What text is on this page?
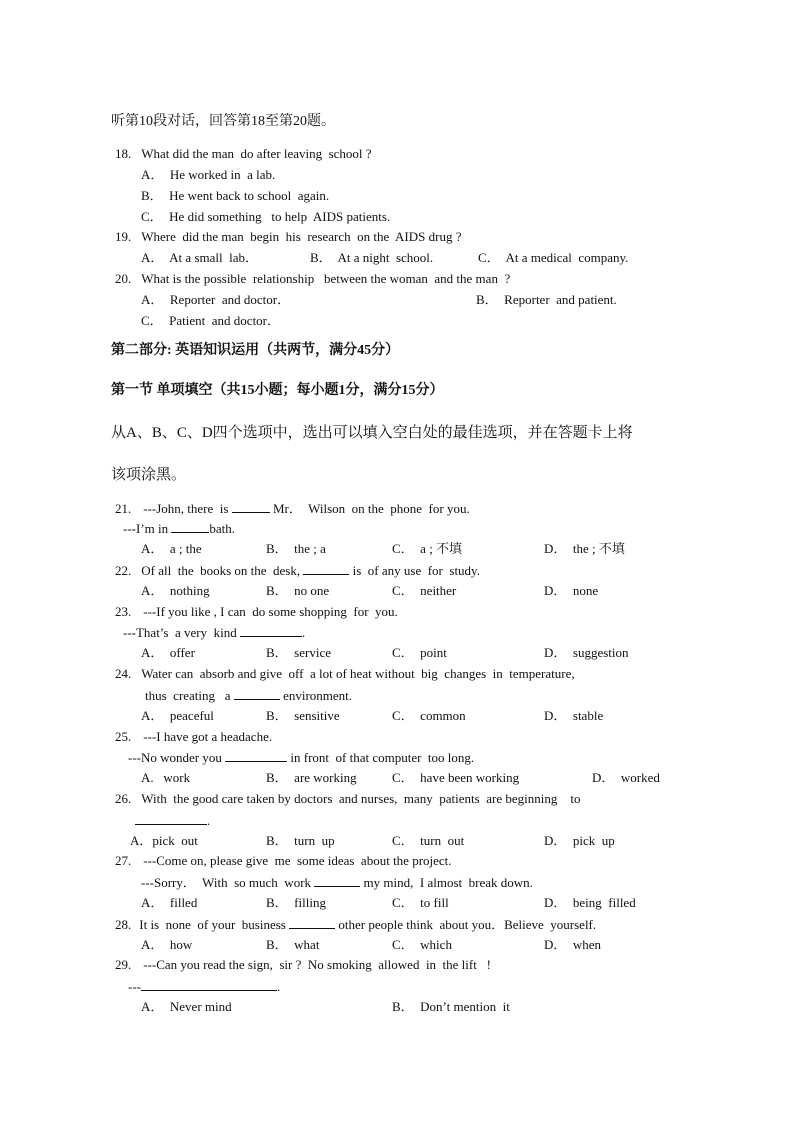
听第10段对话，回答第18至第20题。
18. What did the man  do after leaving  school ?
A．  He worked in  a lab.
B．  He went back to school  again.
C．  He did something   to help  AIDS patients.
19. Where  did the man  begin  his  research  on the  AIDS drug ?
A．  At a small  lab．	B．  At a night  school.	C．  At a medical  company.
20. What is the possible  relationship   between the woman  and the man  ?
A．  Reporter  and doctor．	B．  Reporter  and patient.
C．  Patient  and doctor．
第二部分: 英语知识运用（共两节，满分45分）
第一节 单项填空（共15小题；每小题1分，满分15分）
从A、B、C、D四个选项中，选出可以填入空白处的最佳选项，并在答题卡上将
该项涂黑。
21. ---John, there  is	Mr．  Wilson  on the  phone  for you.
---I’m in	bath.
A．  a ; the	B．  the ; a	C．  a ; 不填	D．  the ; 不填
22. Of all  the  books on the  desk,	is  of any use  for  study.
A．  nothing	B．  no one	C．  neither	D．  none
23. ---If you like , I can  do some shopping  for  you.
---That’s  a very  kind	.
A．  offer	B．  service	C．  point	D．  suggestion
24. Water can  absorb and give  off  a lot of heat without  big  changes  in  temperature,
thus  creating   a	environment.
A．  peaceful	B．  sensitive	C．  common	D．  stable
25. ---I have got a headache.
---No wonder you	in front  of that computer  too long.
A.   work	B．  are working	C．  have been working	D．  worked
26. With  the good care taken by doctors  and nurses,  many  patients  are beginning    to
.
A．pick  out	B．  turn  up	C．  turn  out	D．  pick  up
27. ---Come on, please give  me  some ideas  about the project.
---Sorry．  With  so much  work	my mind,  I almost  break down.
A．  filled	B．  filling	C．  to fill	D．  being  filled
28. It is  none  of your  business	other people think  about you．Believe  yourself.
A．  how	B．  what	C．  which	D．  when
29. ---Can you read the sign,  sir ?  No smoking  allowed  in  the lift   !
---	.
A．  Never mind	B．  Don’t mention  it
